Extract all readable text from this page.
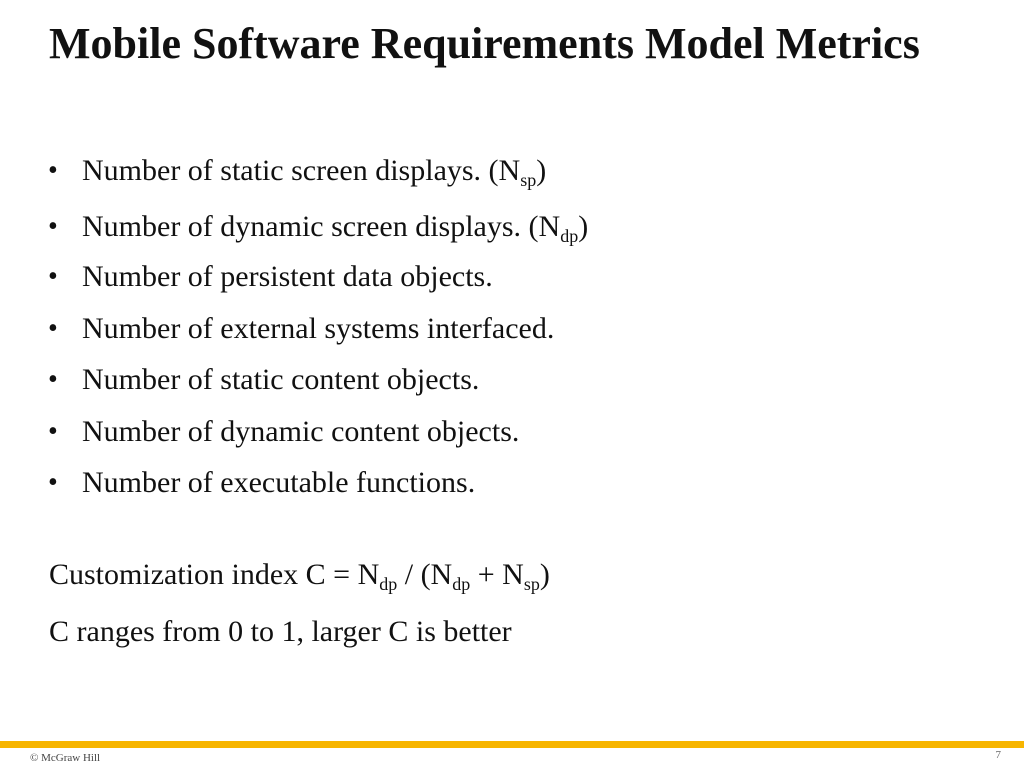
Mobile Software Requirements Model Metrics
• Number of static screen displays. $(N_{sp})$
• Number of dynamic screen displays. $(N_{dp})$
• Number of persistent data objects.
• Number of external systems interfaced.
• Number of static content objects.
• Number of dynamic content objects.
• Number of executable functions.
Customization index $C = N_{dp} / (N_{dp} + N_{sp})$
C ranges from 0 to 1, larger C is better
© McGraw Hill	7
